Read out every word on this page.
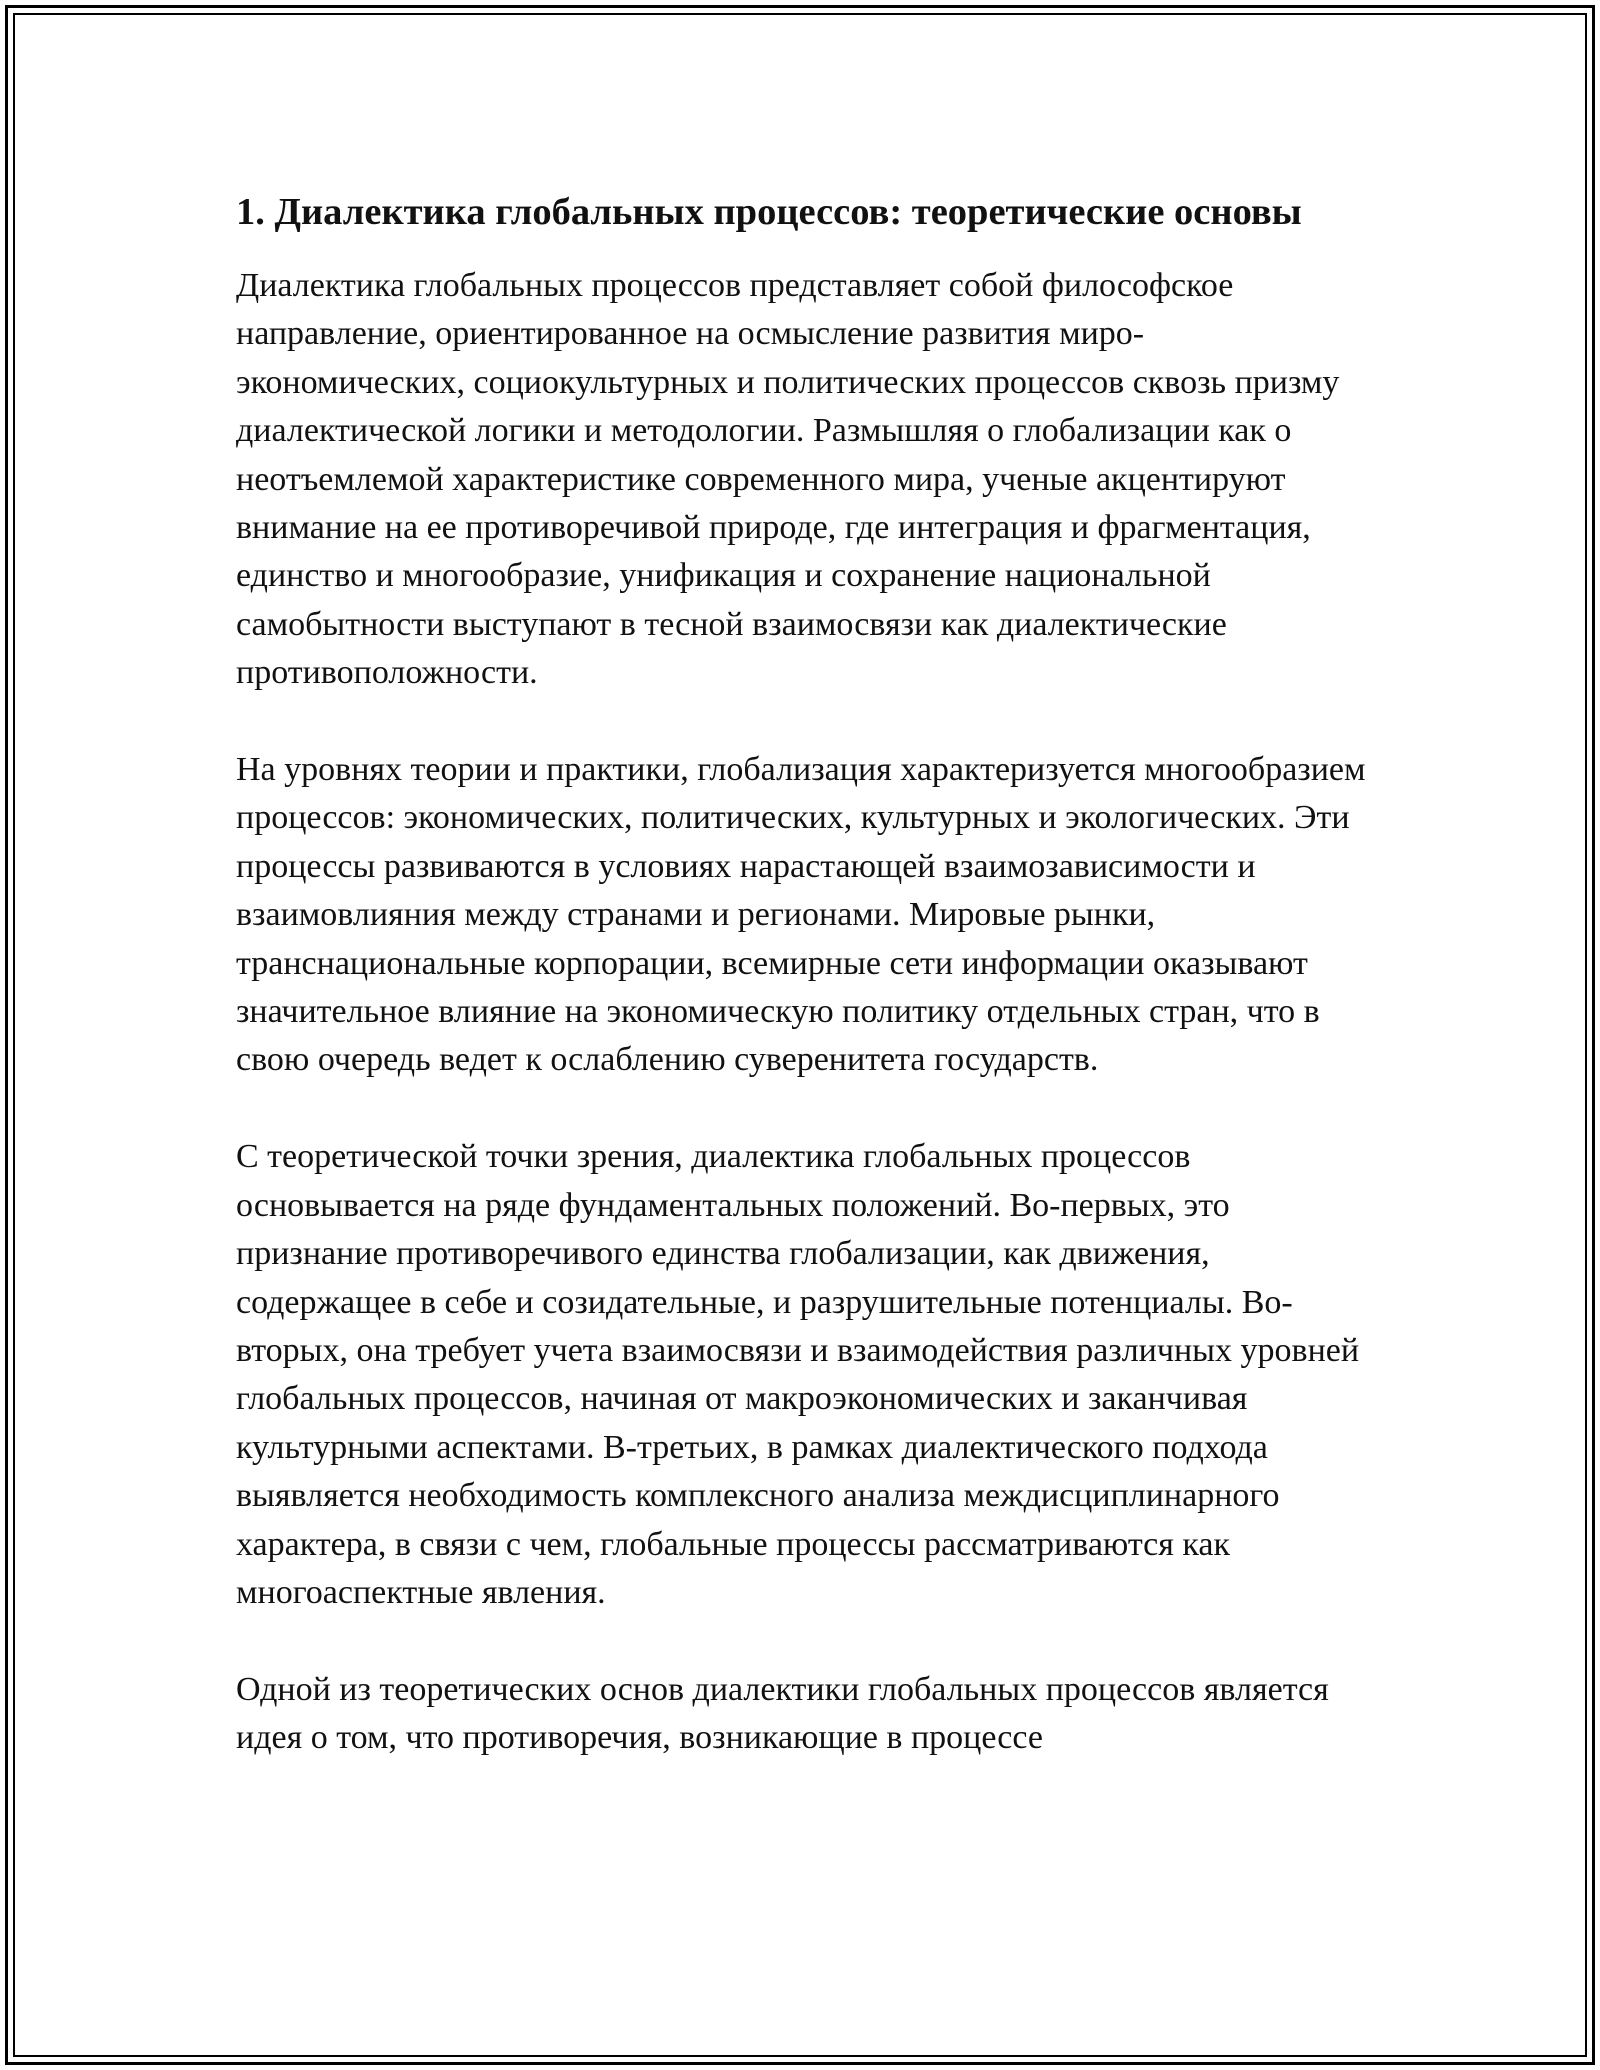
1. Диалектика глобальных процессов: теоретические основы

Диалектика глобальных процессов представляет собой философское направление, ориентированное на осмысление развития миро-экономических, социокультурных и политических процессов сквозь призму диалектической логики и методологии. Размышляя о глобализации как о неотъемлемой характеристике современного мира, ученые акцентируют внимание на ее противоречивой природе, где интеграция и фрагментация, единство и многообразие, унификация и сохранение национальной самобытности выступают в тесной взаимосвязи как диалектические противоположности.

На уровнях теории и практики, глобализация характеризуется многообразием процессов: экономических, политических, культурных и экологических. Эти процессы развиваются в условиях нарастающей взаимозависимости и взаимовлияния между странами и регионами. Мировые рынки, транснациональные корпорации, всемирные сети информации оказывают значительное влияние на экономическую политику отдельных стран, что в свою очередь ведет к ослаблению суверенитета государств.

С теоретической точки зрения, диалектика глобальных процессов основывается на ряде фундаментальных положений. Во-первых, это признание противоречивого единства глобализации, как движения, содержащее в себе и созидательные, и разрушительные потенциалы. Во-вторых, она требует учета взаимосвязи и взаимодействия различных уровней глобальных процессов, начиная от макроэкономических и заканчивая культурными аспектами. В-третьих, в рамках диалектического подхода выявляется необходимость комплексного анализа междисциплинарного характера, в связи с чем, глобальные процессы рассматриваются как многоаспектные явления.

Одной из теоретических основ диалектики глобальных процессов является идея о том, что противоречия, возникающие в процессе
